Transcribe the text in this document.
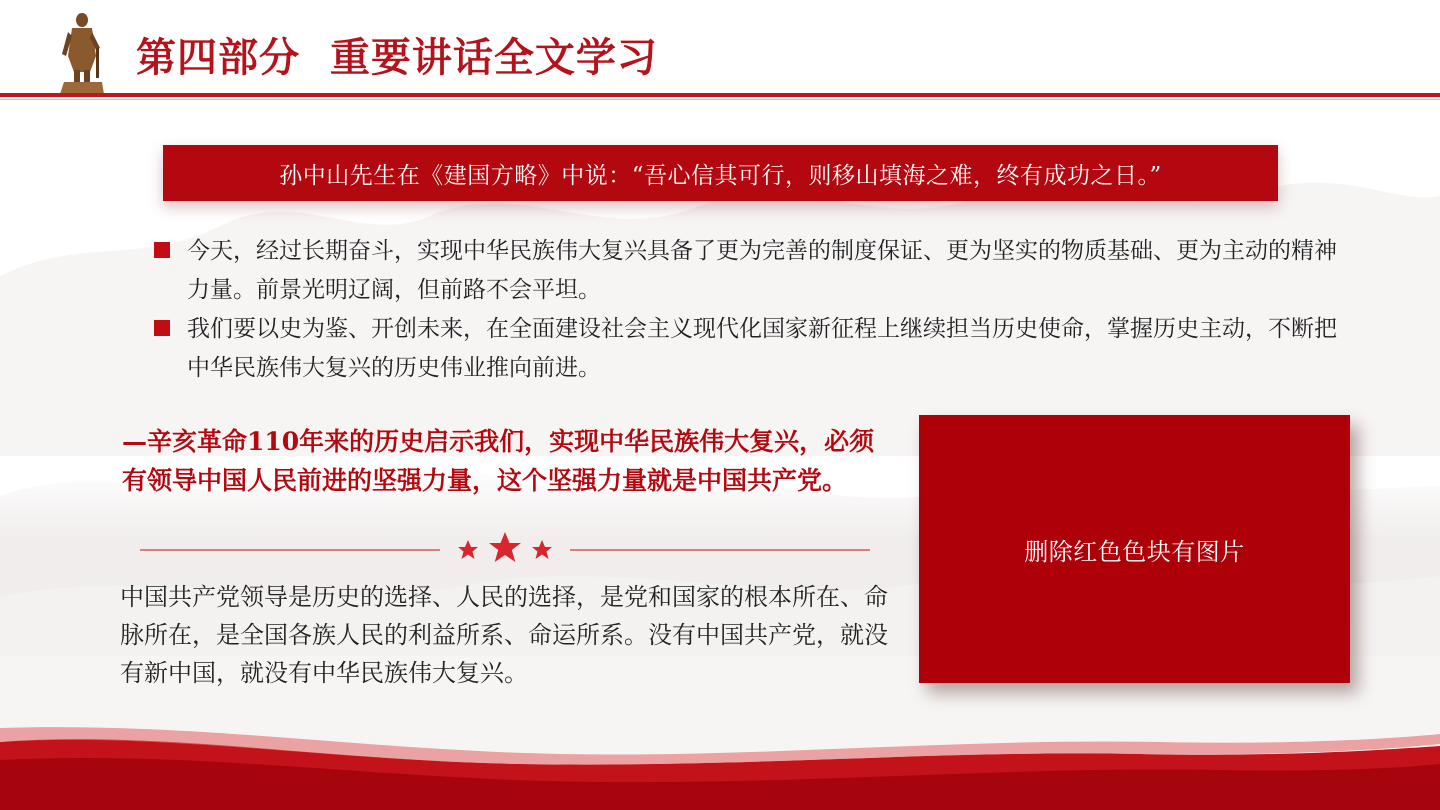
第四部分  重要讲话全文学习
孙中山先生在《建国方略》中说：“吾心信其可行，则移山填海之难，终有成功之日。”
今天，经过长期奋斗，实现中华民族伟大复兴具备了更为完善的制度保证、更为坚实的物质基础、更为主动的精神力量。前景光明辽阔，但前路不会平坦。
我们要以史为鉴、开创未来，在全面建设社会主义现代化国家新征程上继续担当历史使命，掌握历史主动，不断把中华民族伟大复兴的历史伟业推向前进。

—辛亥革命110年来的历史启示我们，实现中华民族伟大复兴，必须有领导中国人民前进的坚强力量，这个坚强力量就是中国共产党。

中国共产党领导是历史的选择、人民的选择，是党和国家的根本所在、命脉所在，是全国各族人民的利益所系、命运所系。没有中国共产党，就没有新中国，就没有中华民族伟大复兴。

删除红色色块有图片
